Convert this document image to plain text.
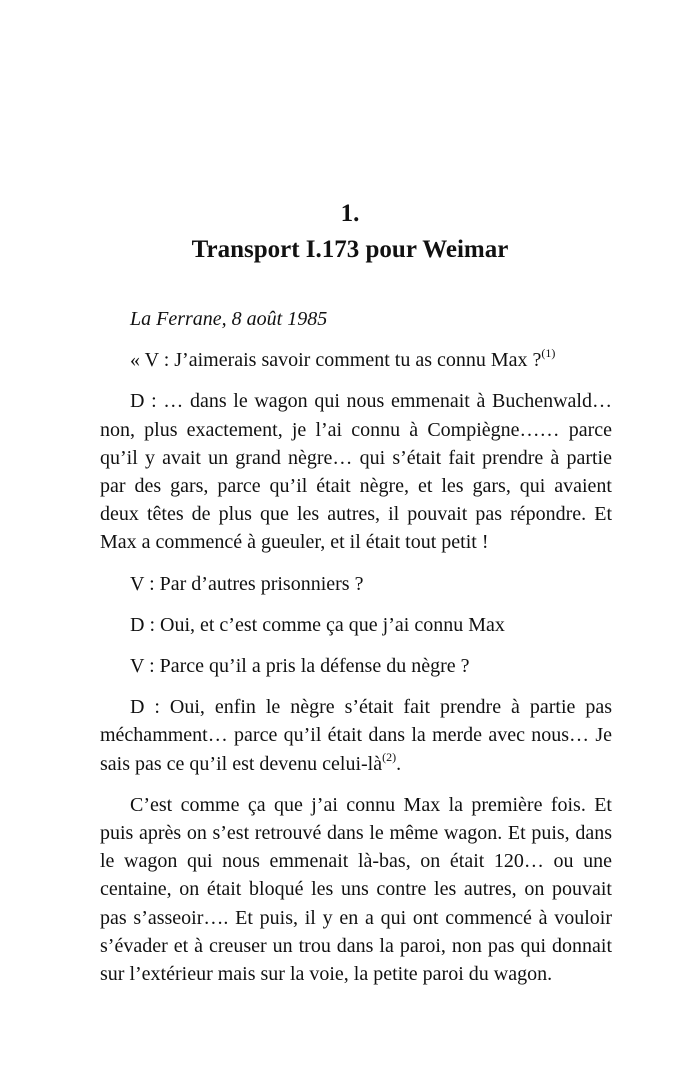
1.
Transport I.173 pour Weimar

La Ferrane, 8 août 1985

« V : J’aimerais savoir comment tu as connu Max ?$^{(1)}$

D : … dans le wagon qui nous emmenait à Buchenwald… non, plus exactement, je l’ai connu à Compiègne…… parce qu’il y avait un grand nègre… qui s’était fait prendre à partie par des gars, parce qu’il était nègre, et les gars, qui avaient deux têtes de plus que les autres, il pouvait pas répondre. Et Max a commencé à gueuler, et il était tout petit !

V : Par d’autres prisonniers ?

D : Oui, et c’est comme ça que j’ai connu Max

V : Parce qu’il a pris la défense du nègre ?

D : Oui, enfin le nègre s’était fait prendre à partie pas méchamment… parce qu’il était dans la merde avec nous… Je sais pas ce qu’il est devenu celui-$là^{(2)}$.

C’est comme ça que j’ai connu Max la première fois. Et puis après on s’est retrouvé dans le même wagon. Et puis, dans le wagon qui nous emmenait là-bas, on était 120… ou une centaine, on était bloqué les uns contre les autres, on pouvait pas s’asseoir…. Et puis, il y en a qui ont commencé à vouloir s’évader et à creuser un trou dans la paroi, non pas qui donnait sur l’extérieur mais sur la voie, la petite paroi du wagon.
